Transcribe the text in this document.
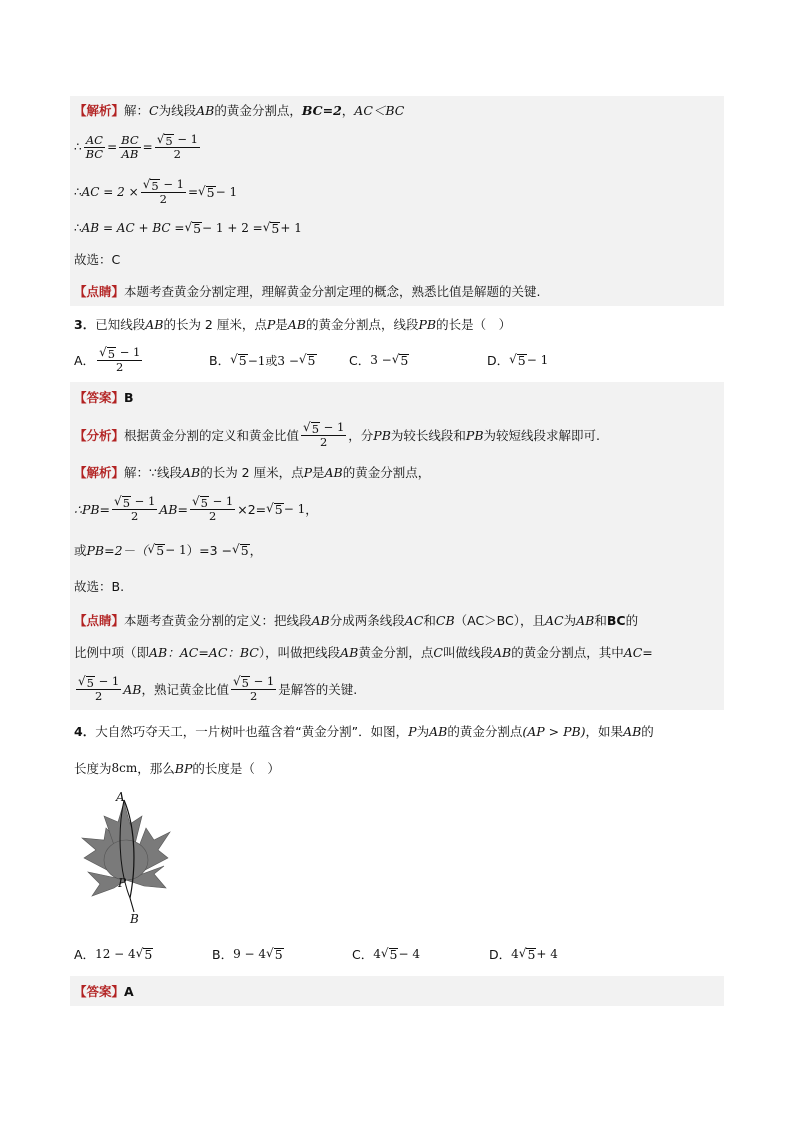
【解析】 解： C 为线段 AB 的黄金分割点， BC=2 ， AC＜BC
∴ $\frac{AC}{BC} = \frac{BC}{AB} = \frac{√ 5 - 1}{2}$
∴ AC = $2 \times \frac{√ 5 - 1}{2}$ = √ 5 − 1
∴ AB = AC + BC = √ 5 − 1 + 2 = √ 5 + 1
故选：C
【点睛】 本题考查黄金分割定理，理解黄金分割定理的概念，熟悉比值是解题的关键.
3． 已知线段 AB 的长为 2 厘米，点 P 是 AB 的黄金分割点，线段 PB 的长是（　）
A． $\frac{√ 5 - 1}{2}$	B． √ 5 −1或3 − √ 5	C． 3 − √ 5	D． √ 5 − 1
【答案】 B
【分析】 根据黄金分割的定义和黄金比值 $\frac{√ 5 - 1}{2}$ ，分 PB 为较长线段和 PB 为较短线段求解即可.
【解析】 解：∵线段 AB 的长为 2 厘米，点 P 是 AB 的黄金分割点，
∴PB= $\frac{√ 5 - 1}{2}$ AB = $\frac{√ 5 - 1}{2} \times 2=$ √ 5 − 1 ，
或 PB=2－（ √ 5 − 1 ）=3 − √ 5 ，
故选：B.
【点睛】 本题考查黄金分割的定义：把线段 AB 分成两条线段 AC 和 CB （AC＞BC），且 AC 为 AB 和 BC 的
比例中项（即 AB：AC=AC：BC ），叫做把线段 AB 黄金分割，点 C 叫做线段 AB 的黄金分割点，其中 AC=
$\frac{√ 5 - 1}{2}$ AB ，熟记黄金比值 $\frac{√ 5 - 1}{2}$ 是解答的关键.
4． 大自然巧夺天工，一片树叶也蕴含着“黄金分割”．如图， P 为 AB 的黄金分割点 (AP > PB) ，如果 AB 的
长度为 8cm ，那么 BP 的长度是（　）
A
P
B
A． 12 − 4 √ 5	B． 9 − 4 √ 5	C． 4 √ 5 − 4	D． 4 √ 5 + 4
【答案】 A
